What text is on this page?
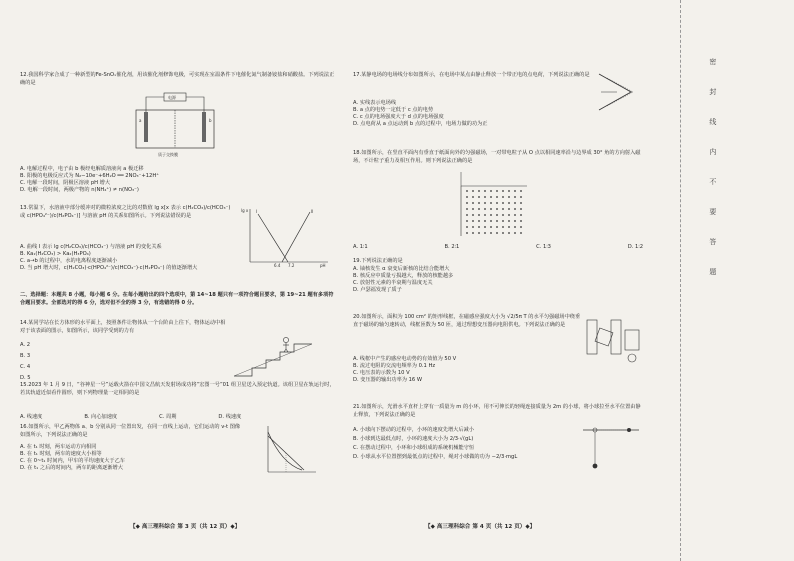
12.我国科学家合成了一种新型的Fe-SnOₓ催化剂，用该催化剂修饰电极，可实现在室温条件下电催化氮气制备铵盐和硝酸盐。下列说法正确的是

电源
a	b
质子交换膜
A. 电解过程中，电子由 b 极经电解质溶液向 a 极迁移
B. 阳极的电极反应式为 N₂−10e⁻+6H₂O ══ 2NO₃⁻+12H⁺
C. 电解一段时间，阴极区溶液 pH 增大
D. 电解一段时间，两极产物的 n(NH₄⁺) ≠ n(NO₃⁻)

13.常温下，水溶液中部分缓冲对的微粒浓度之比的对数值 lg x[x 表示 c(H₂CO₃)/c(HCO₃⁻) 或 c(HPO₄²⁻)/c(H₂PO₄⁻)] 与溶液 pH 的关系如图所示。下列说法错误的是

lg x
pH
I	II
6.4 7.2
A. 曲线 I 表示 lg c(H₂CO₃)/c(HCO₃⁻) 与溶液 pH 的变化关系
B. Ka₁(H₂CO₃) > Ka₂(H₃PO₄)
C. a→b 的过程中，水的电离程度逐渐减小
D. 当 pH 增大时，c(H₂CO₃)·c(HPO₄²⁻)/c(HCO₃⁻)·c(H₂PO₄⁻) 的值逐渐增大
二、选择题：本题共 8 小题，每小题 6 分。在每小题给出的四个选项中，第 14~18 题只有一项符合题目要求，第 19~21 题有多项符合题目要求。全部选对的得 6 分，选对但不全的得 3 分，有选错的得 0 分。

14.某同学站在长方体形的水平面上，按照条件让物体从一个台阶由上往下，物体运动中相对于该表面的图示，如图所示，该同学受到的力有

A. 2
B. 3
C. 4
D. 5

15.2023 年 1 月 9 日，“谷神星一号”运载火箭在中国文昌航天发射场成功将“宏图一号”01 组卫星送入预定轨道。该组卫星在轨运行时，若其轨道近似看作圆形，则下列物理量一定相同的是

A. 线速度	B. 向心加速度	C. 周期	D. 线速度

16.如图所示，甲乙两物体 a、b 分别从同一位置出发，在同一直线上运动，它们运动的 v-t 图像如图所示，下列说法正确的是

A. 在 t₁ 时刻，两车运动方向相同
B. 在 t₁ 时刻，两车的速度大小相等
C. 在 0~t₁ 时间内，甲车的平均速度大于乙车
D. 在 t₁ 之后的时间内，两车的距离逐渐增大
【◆ 高三理科综合 第 3 页（共 12 页）◆】

17.某静电场的电场线分布如图所示，在电场中某点由静止释放一个带正电的点电荷，下列说法正确的是

A. 实线表示电场线
B. a 点的电势一定低于 c 点的电势
C. c 点的电场强度大于 d 点的电场强度
D. 点电荷从 a 点运动到 b 点的过程中，电场力做的功为正

18.如图所示，在竖直平面内有垂直于纸面向外的匀强磁场，一对带电粒子从 O 点以相同速率沿与边界成 30° 角的方向射入磁场，不计粒子重力及相互作用。则下列说法正确的是

A. 1∶1	B. 2∶1	C. 1∶3	D. 1∶2

19.下列说法正确的是

A. 铀核发生 α 衰变后新核的比结合能增大
B. 核反应中质量亏损越大，释放的核能越多
C. 放射性元素的半衰期与温度无关
D. 卢瑟福发现了质子

20.如图所示，面积为 100 cm² 的矩形线框，在磁感应强度大小为 √2/5π T 的水平匀强磁场中绕垂直于磁场的轴匀速转动，线框匝数为 50 匝，通过理想变压器向电阻供电。下列说法正确的是

A. 线框中产生的感应电动势的有效值为 50 V
B. 流过电阻的交流电频率为 0.1 Hz
C. 电压表的示数为 10 V
D. 变压器的输出功率为 16 W

21.如图所示，光滑水平直杆上穿有一质量为 m 的小环，用不可伸长的轻绳连接质量为 2m 的小球，将小球拉至水平位置由静止释放，下列说法正确的是

A. 小球向下摆动的过程中，小环的速度先增大后减小
B. 小球到达最低点时，小环的速度大小为 2/3·√(gL)
C. 在摆动过程中，小环和小球组成的系统机械能守恒
D. 小球从水平位置摆到最低点的过程中，绳对小球做的功为 −2/3·mgL
【◆ 高三理科综合 第 4 页（共 12 页）◆】
密
封
线
内
不
要
答
题
